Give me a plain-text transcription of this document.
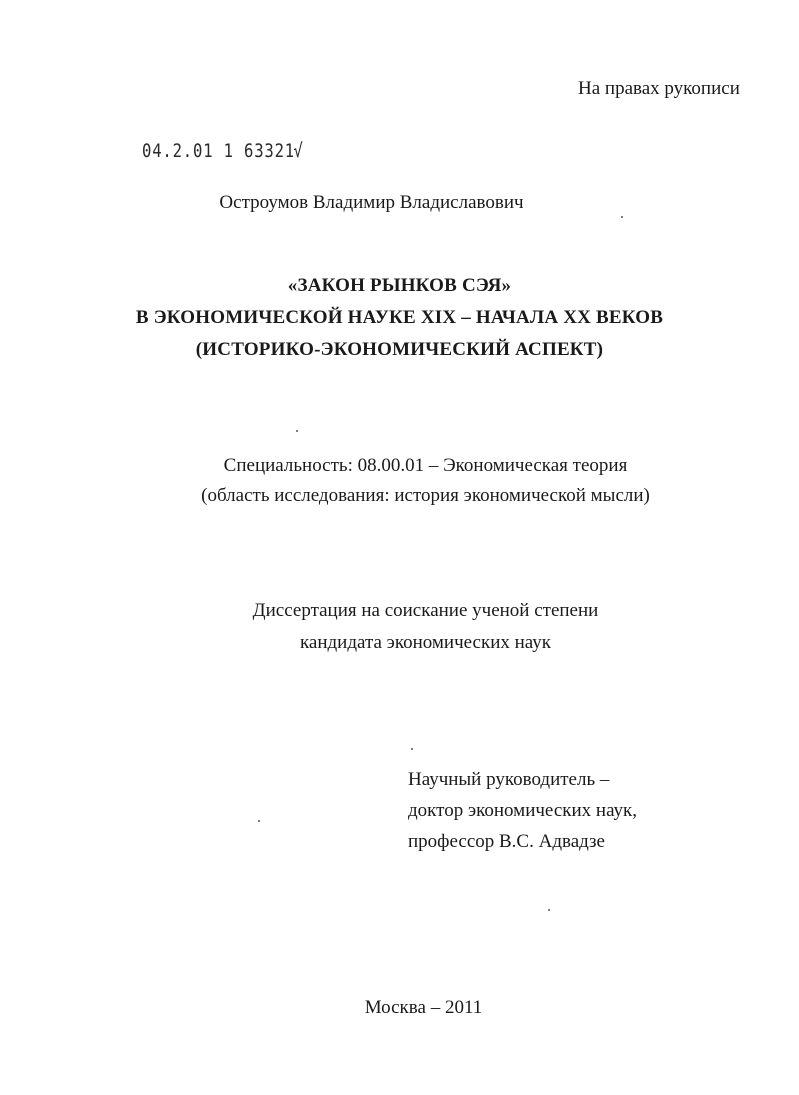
На правах рукописи
04.2.01 1 63321√
Остроумов Владимир Владиславович
«ЗАКОН РЫНКОВ СЭЯ»
В ЭКОНОМИЧЕСКОЙ НАУКЕ XIX – НАЧАЛА XX ВЕКОВ
(ИСТОРИКО-ЭКОНОМИЧЕСКИЙ АСПЕКТ)
Специальность: 08.00.01 – Экономическая теория
(область исследования: история экономической мысли)
Диссертация на соискание ученой степени
кандидата экономических наук
Научный руководитель –
доктор экономических наук,
профессор В.С. Адвадзе
Москва – 2011
